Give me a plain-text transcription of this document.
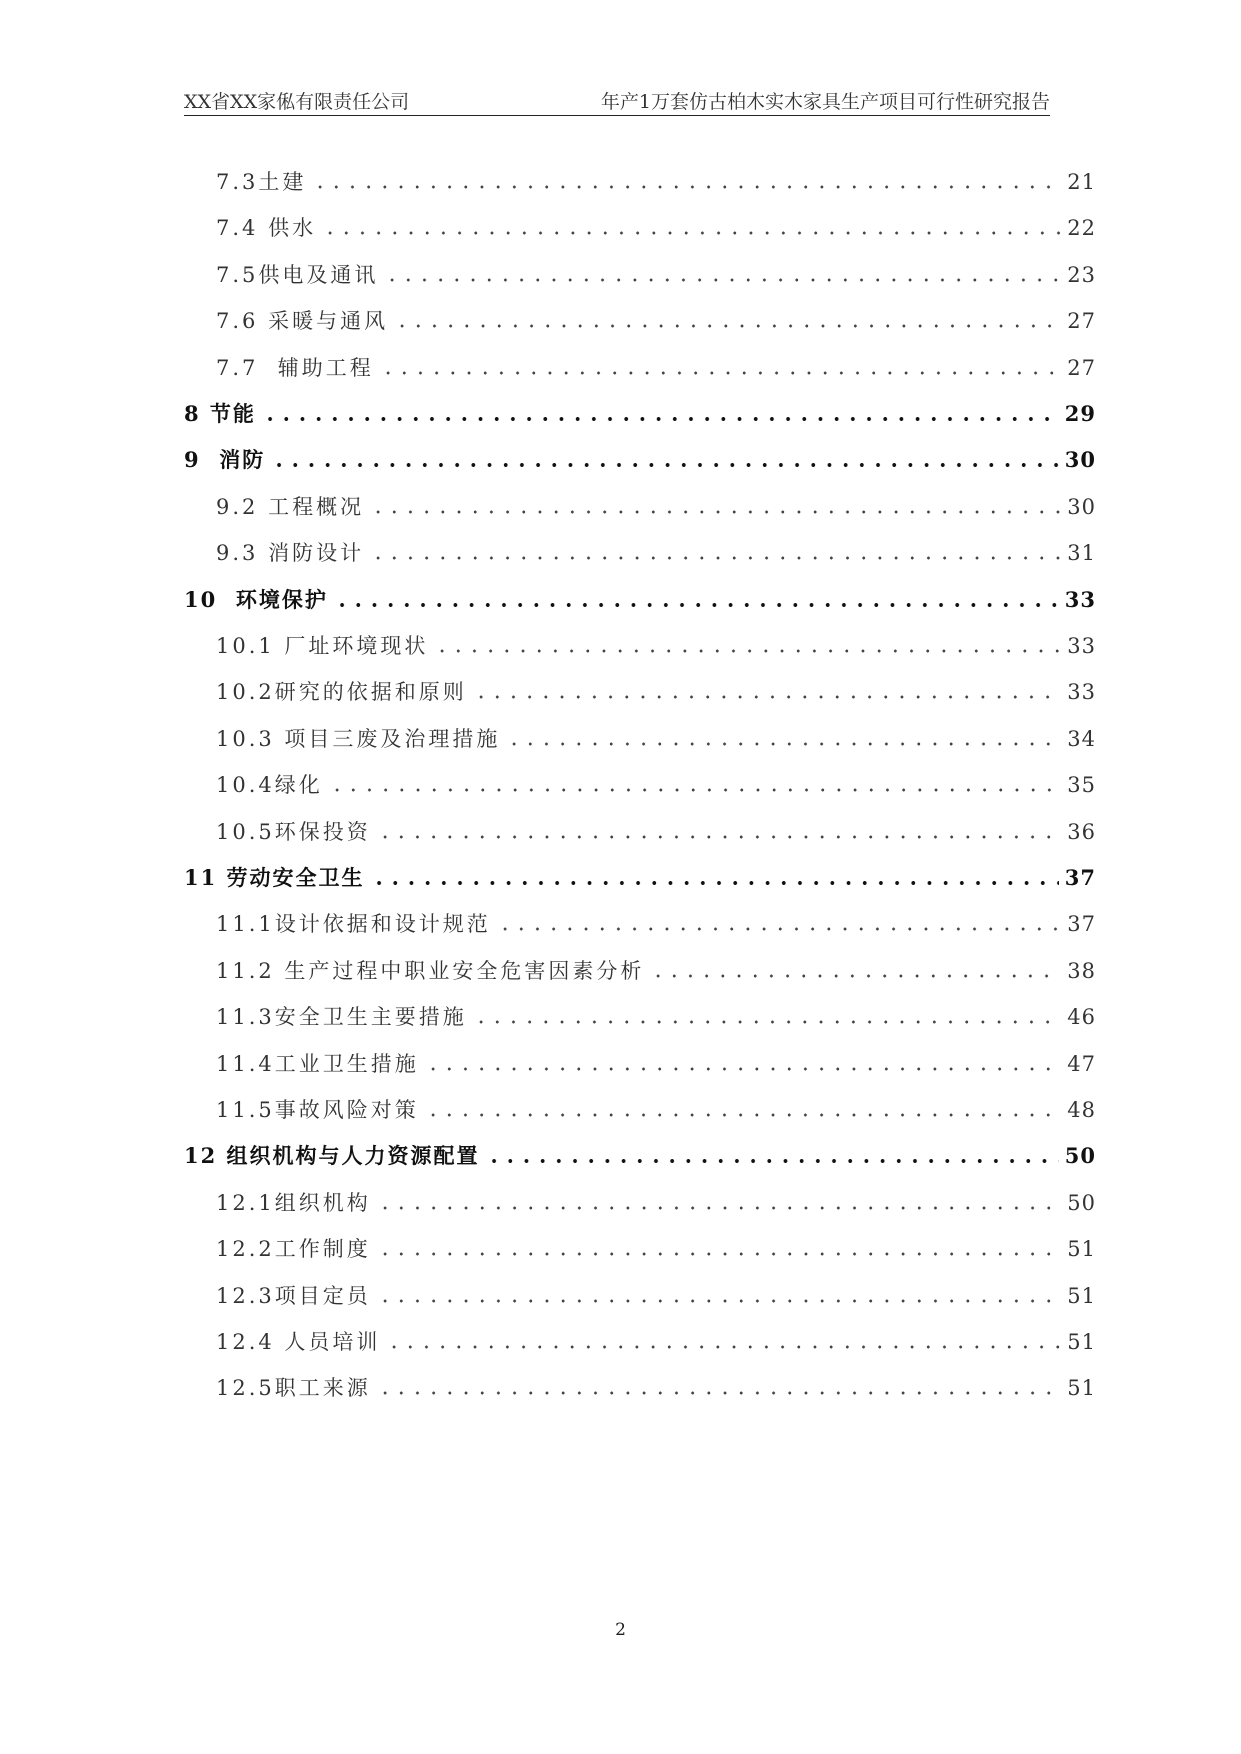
XX省XX家俬有限责任公司	年产1万套仿古柏木实木家具生产项目可行性研究报告
7.3土建	21
7.4 供水	22
7.5供电及通讯	23
7.6 采暖与通风	27
7.7  辅助工程	27
8 节能	29
9  消防	30
9.2 工程概况	30
9.3 消防设计	31
10  环境保护	33
10.1 厂址环境现状	33
10.2研究的依据和原则	33
10.3 项目三废及治理措施	34
10.4绿化	35
10.5环保投资	36
11 劳动安全卫生	37
11.1设计依据和设计规范	37
11.2 生产过程中职业安全危害因素分析	38
11.3安全卫生主要措施	46
11.4工业卫生措施	47
11.5事故风险对策	48
12 组织机构与人力资源配置	50
12.1组织机构	50
12.2工作制度	51
12.3项目定员	51
12.4 人员培训	51
12.5职工来源	51
2
